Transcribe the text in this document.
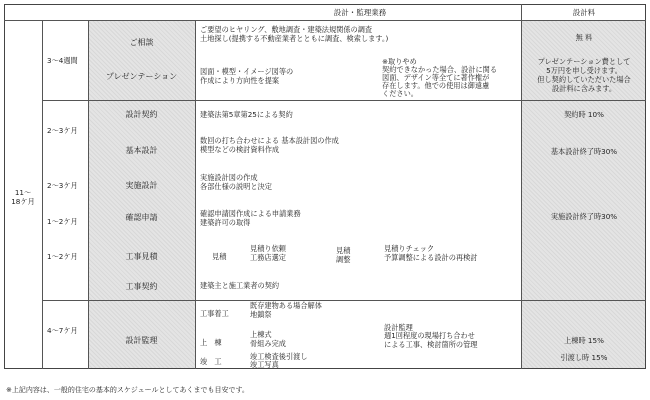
設計・監理業務	設計料
11〜
18ケ月
3〜4週間
2〜3ケ月
2〜3ケ月
1〜2ケ月
1〜2ケ月
4〜7ケ月
ご相談
プレゼンテーション
設計契約
基本設計
実施設計
確認申請
工事見積
工事契約
設計監理
ご要望のヒヤリング、敷地調査・建築法規関係の調査
土地探し(提携する不動産業者とともに調査、検索します。)
図面・模型・イメージ図等の
作成により方向性を提案
※取りやめ
契約できなかった場合、設計に関る
図面、デザイン等全てに著作権が
存在します。他での使用は御遠慮
ください。
建築法第5章第25による契約
数回の打ち合わせによる 基本設計図の作成
模型などの検討資料作成
実施設計図の作成
各部仕様の説明と決定
確認申請図作成による申請業務
建築許可の取得
見積
見積り依頼
工務店選定
見積
調整
見積りチェック
予算調整による設計の再検討
建築主と施工業者の契約
工事着工
既存建物ある場合解体
地鎮祭
上　棟
上棟式
骨組み完成
竣　工
竣工検査後引渡し
竣工写真
設計監理
週1回程度の現場打ち合わせ
による工事、検討箇所の管理
無 料
プレゼンテーション費として
5万円を申し受けます。
但し契約していただいた場合
設計料に含みます。
契約時 10%
基本設計終了時30%
実施設計終了時30%
上棟時 15%
引渡し時 15%
※上記内容は、一般的住宅の基本的スケジュールとしてあくまでも目安です。
